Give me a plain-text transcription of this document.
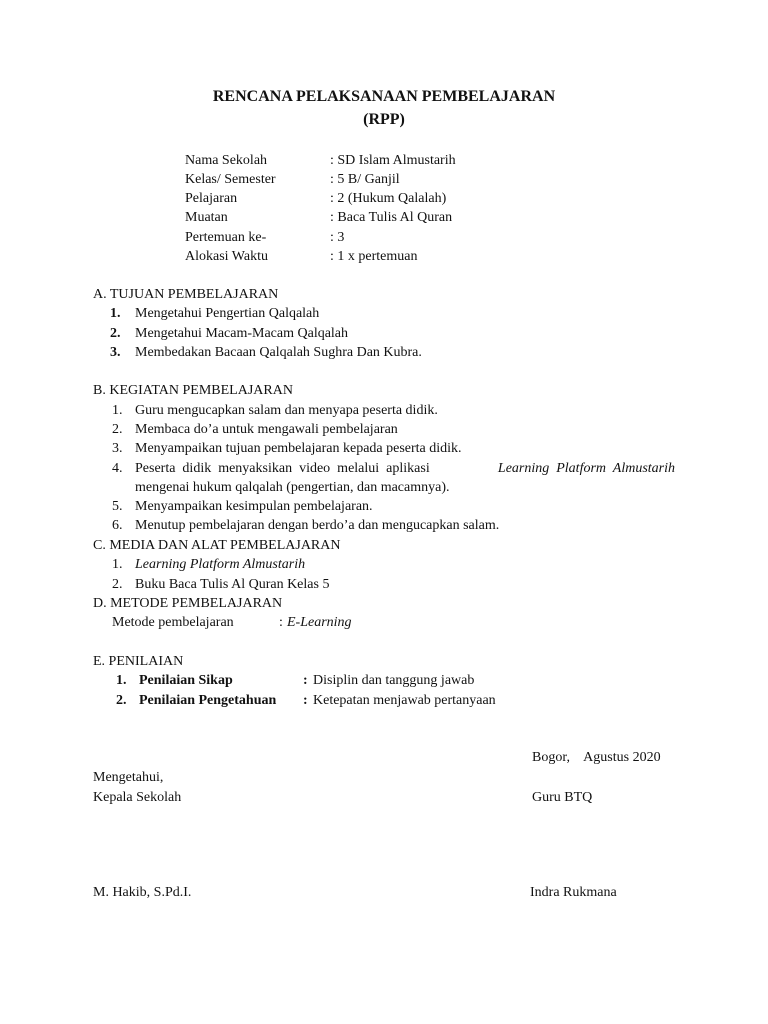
RENCANA PELAKSANAAN PEMBELAJARAN
(RPP)
Nama Sekolah	: SD Islam Almustarih
Kelas/ Semester	: 5 B/ Ganjil
Pelajaran	: 2 (Hukum Qalalah)
Muatan	: Baca Tulis Al Quran
Pertemuan ke-	: 3
Alokasi Waktu	: 1 x pertemuan
A. TUJUAN PEMBELAJARAN
1. Mengetahui Pengertian Qalqalah
2. Mengetahui Macam-Macam Qalqalah
3. Membedakan Bacaan Qalqalah Sughra Dan Kubra.
B. KEGIATAN PEMBELAJARAN
1. Guru mengucapkan salam dan menyapa peserta didik.
2. Membaca do’a untuk mengawali pembelajaran
3. Menyampaikan tujuan pembelajaran kepada peserta didik.
4. Peserta  didik  menyaksikan  video  melalui  aplikasi	Learning  Platform  Almustarih
mengenai hukum qalqalah (pengertian, dan macamnya).
5. Menyampaikan kesimpulan pembelajaran.
6. Menutup pembelajaran dengan berdo’a dan mengucapkan salam.
C. MEDIA DAN ALAT PEMBELAJARAN
1. Learning Platform Almustarih
2. Buku Baca Tulis Al Quran Kelas 5
D. METODE PEMBELAJARAN
Metode pembelajaran	: E-Learning
E. PENILAIAN
1. Penilaian Sikap	: Disiplin dan tanggung jawab
2. Penilaian Pengetahuan : Ketepatan menjawab pertanyaan
Bogor,    Agustus 2020
Mengetahui,
Kepala Sekolah	Guru BTQ
M. Hakib, S.Pd.I.	Indra Rukmana
